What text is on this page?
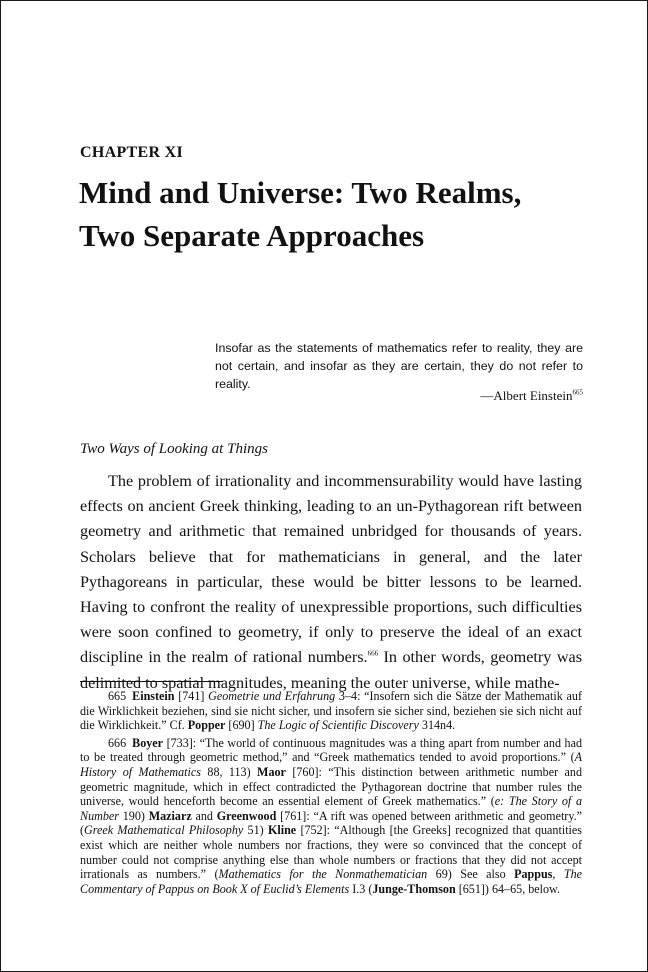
CHAPTER XI
Mind and Universe: Two Realms,
Two Separate Approaches
Insofar as the statements of mathematics refer to reality, they are not certain, and insofar as they are certain, they do not refer to reality.
—Albert Einstein$^{665}$
Two Ways of Looking at Things

The problem of irrationality and incommensurability would have lasting effects on ancient Greek thinking, leading to an un-Pythagorean rift between geometry and arithmetic that remained unbridged for thousands of years. Scholars believe that for mathematicians in general, and the later Pythagoreans in particular, these would be bitter lessons to be learned. Having to confront the reality of unexpressible proportions, such difficulties were soon confined to geometry, if only to preserve the ideal of an exact discipline in the realm of rational numbers.$^{666}$ In other words, geometry was delimited to spatial magnitudes, meaning the outer universe, while mathe-

665 Einstein [741] Geometrie und Erfahrung 3–4: “Insofern sich die Sätze der Mathematik auf die Wirklichkeit beziehen, sind sie nicht sicher, und insofern sie sicher sind, beziehen sie sich nicht auf die Wirklichkeit.” Cf. Popper [690] The Logic of Scientific Discovery 314n4.

666 Boyer [733]: “The world of continuous magnitudes was a thing apart from number and had to be treated through geometric method,” and “Greek mathematics tended to avoid proportions.” (A History of Mathematics 88, 113) Maor [760]: “This distinction between arithmetic number and geometric magnitude, which in effect contradicted the Pythagorean doctrine that number rules the universe, would henceforth become an essential element of Greek mathematics.” (e: The Story of a Number 190) Maziarz and Greenwood [761]: “A rift was opened between arithmetic and geometry.” (Greek Mathematical Philosophy 51) Kline [752]: “Although [the Greeks] recognized that quantities exist which are neither whole numbers nor fractions, they were so convinced that the concept of number could not comprise anything else than whole numbers or fractions that they did not accept irrationals as numbers.” (Mathematics for the Nonmathematician 69) See also Pappus, The Commentary of Pappus on Book X of Euclid’s Elements I.3 (Junge-Thomson [651]) 64–65, below.
